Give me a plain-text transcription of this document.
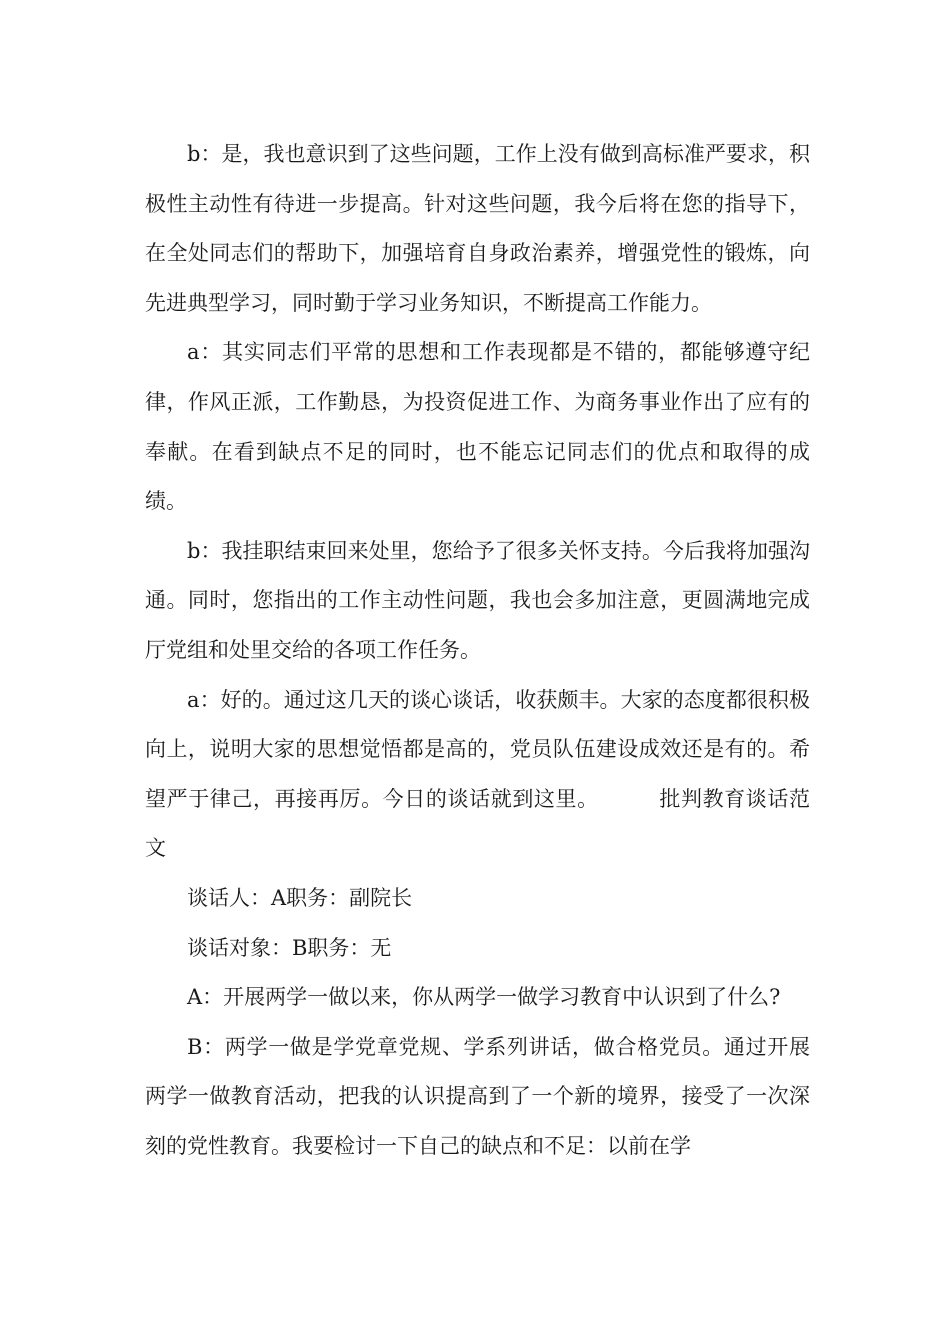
b：是，我也意识到了这些问题，工作上没有做到高标准严要求，积极性主动性有待进一步提高。针对这些问题，我今后将在您的指导下，在全处同志们的帮助下，加强培育自身政治素养，增强党性的锻炼，向先进典型学习，同时勤于学习业务知识，不断提高工作能力。

a：其实同志们平常的思想和工作表现都是不错的，都能够遵守纪律，作风正派，工作勤恳，为投资促进工作、为商务事业作出了应有的奉献。在看到缺点不足的同时，也不能忘记同志们的优点和取得的成绩。

b：我挂职结束回来处里，您给予了很多关怀支持。今后我将加强沟通。同时，您指出的工作主动性问题，我也会多加注意，更圆满地完成厅党组和处里交给的各项工作任务。

a：好的。通过这几天的谈心谈话，收获颇丰。大家的态度都很积极向上，说明大家的思想觉悟都是高的，党员队伍建设成效还是有的。希望严于律己，再接再厉。今日的谈话就到这里。	批判教育谈话范文

谈话人：A职务：副院长

谈话对象：B职务：无

A：开展两学一做以来，你从两学一做学习教育中认识到了什么?

B：两学一做是学党章党规、学系列讲话，做合格党员。通过开展两学一做教育活动，把我的认识提高到了一个新的境界，接受了一次深刻的党性教育。我要检讨一下自己的缺点和不足：以前在学
